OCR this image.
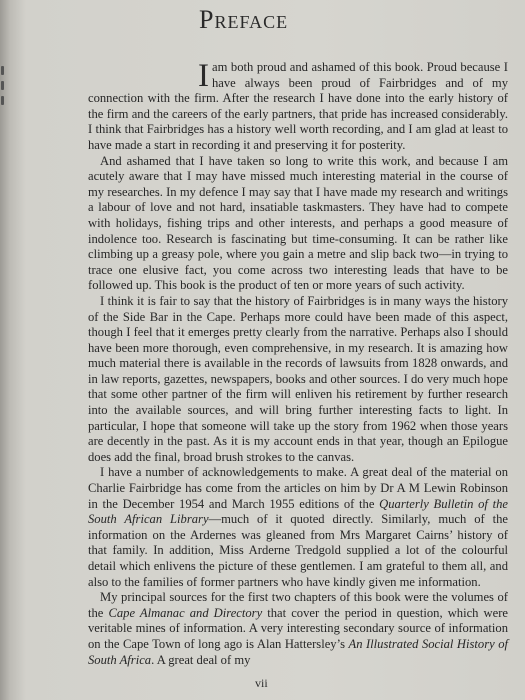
Preface

Iam both proud and ashamed of this book. Proud because I have always been proud of Fairbridges and of my connection with the firm. After the research I have done into the early history of the firm and the careers of the early partners, that pride has increased considerably. I think that Fairbridges has a history well worth recording, and I am glad at least to have made a start in recording it and preserving it for posterity.

And ashamed that I have taken so long to write this work, and because I am acutely aware that I may have missed much interesting material in the course of my researches. In my defence I may say that I have made my research and writings a labour of love and not hard, insatiable taskmasters. They have had to compete with holidays, fishing trips and other interests, and perhaps a good measure of indolence too. Research is fascinating but time-consuming. It can be rather like climbing up a greasy pole, where you gain a metre and slip back two—in trying to trace one elusive fact, you come across two interesting leads that have to be followed up. This book is the product of ten or more years of such activity.

I think it is fair to say that the history of Fairbridges is in many ways the history of the Side Bar in the Cape. Perhaps more could have been made of this aspect, though I feel that it emerges pretty clearly from the narrative. Perhaps also I should have been more thorough, even comprehensive, in my research. It is amazing how much material there is available in the records of lawsuits from 1828 onwards, and in law reports, gazettes, newspapers, books and other sources. I do very much hope that some other partner of the firm will enliven his retirement by further research into the available sources, and will bring further interesting facts to light. In particular, I hope that someone will take up the story from 1962 when those years are decently in the past. As it is my account ends in that year, though an Epilogue does add the final, broad brush strokes to the canvas.

I have a number of acknowledgements to make. A great deal of the material on Charlie Fairbridge has come from the articles on him by Dr A M Lewin Robinson in the December 1954 and March 1955 editions of the Quarterly Bulletin of the South African Library—much of it quoted directly. Similarly, much of the information on the Ardernes was gleaned from Mrs Margaret Cairns’ history of that family. In addition, Miss Arderne Tredgold supplied a lot of the colourful detail which enlivens the picture of these gentlemen. I am grateful to them all, and also to the families of former partners who have kindly given me information.

My principal sources for the first two chapters of this book were the volumes of the Cape Almanac and Directory that cover the period in question, which were veritable mines of information. A very interesting secondary source of information on the Cape Town of long ago is Alan Hattersley’s An Illustrated Social History of South Africa. A great deal of my

vii
